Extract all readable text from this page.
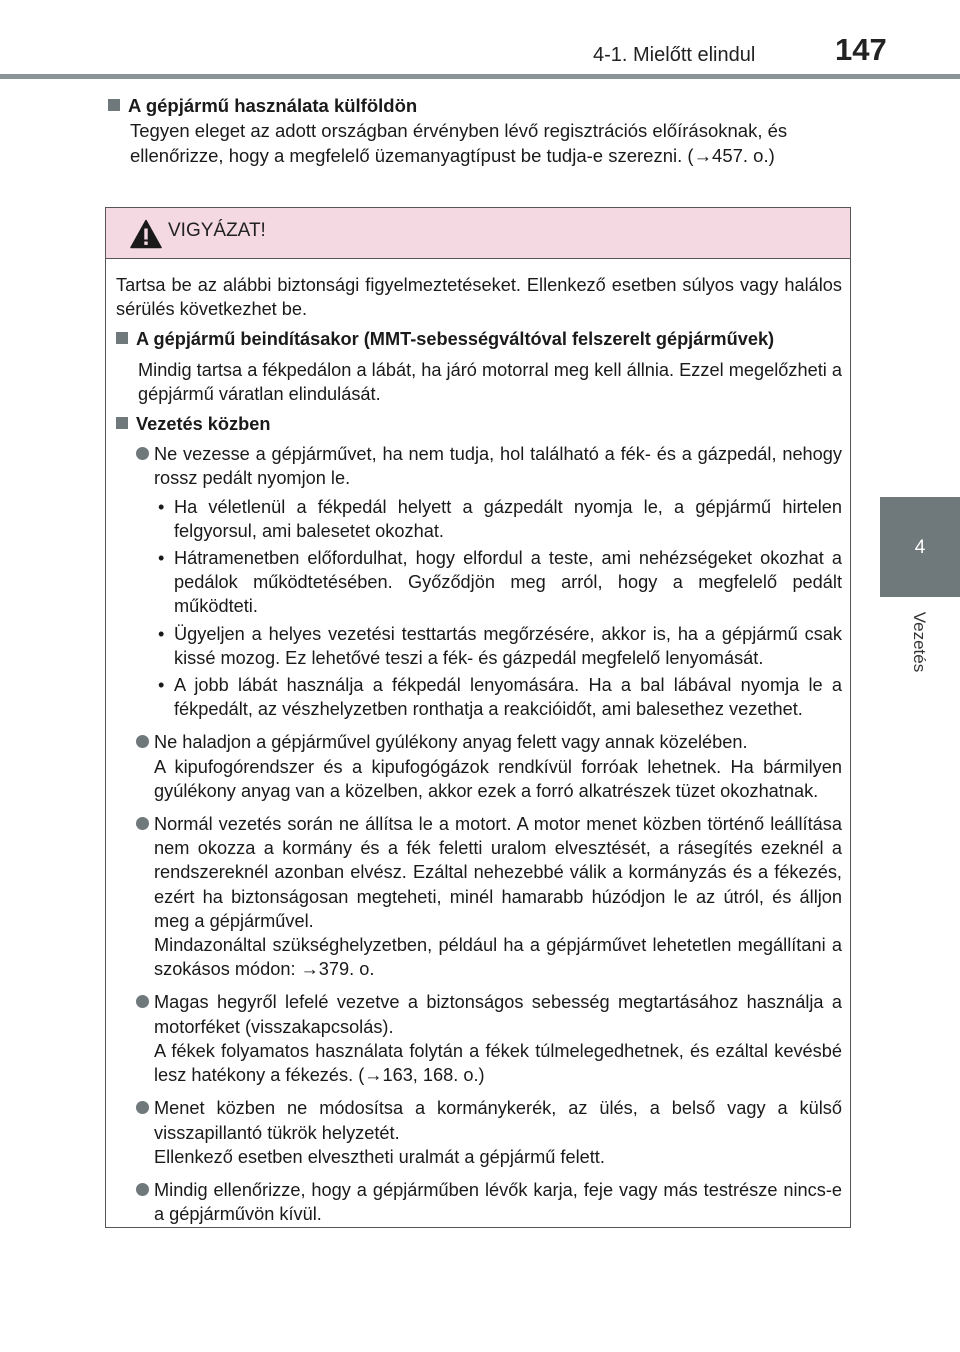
4-1. Mielőtt elindul	147
4
Vezetés
A gépjármű használata külföldön
Tegyen eleget az adott országban érvényben lévő regisztrációs előírásoknak, és ellenőrizze, hogy a megfelelő üzemanyagtípust be tudja-e szerezni. (→457. o.)
VIGYÁZAT!
Tartsa be az alábbi biztonsági figyelmeztetéseket. Ellenkező esetben súlyos vagy halálos sérülés következhet be.
A gépjármű beindításakor (MMT-sebességváltóval felszerelt gépjárművek)
Mindig tartsa a fékpedálon a lábát, ha járó motorral meg kell állnia. Ezzel megelőzheti a gépjármű váratlan elindulását.
Vezetés közben
Ne vezesse a gépjárművet, ha nem tudja, hol található a fék- és a gázpedál, nehogy rossz pedált nyomjon le.
• Ha véletlenül a fékpedál helyett a gázpedált nyomja le, a gépjármű hirtelen felgyorsul, ami balesetet okozhat.
• Hátramenetben előfordulhat, hogy elfordul a teste, ami nehézségeket okozhat a pedálok működtetésében. Győződjön meg arról, hogy a megfelelő pedált működteti.
• Ügyeljen a helyes vezetési testtartás megőrzésére, akkor is, ha a gépjármű csak kissé mozog. Ez lehetővé teszi a fék- és gázpedál megfelelő lenyomását.
• A jobb lábát használja a fékpedál lenyomására. Ha a bal lábával nyomja le a fékpedált, az vészhelyzetben ronthatja a reakcióidőt, ami balesethez vezethet.
Ne haladjon a gépjárművel gyúlékony anyag felett vagy annak közelében.
A kipufogórendszer és a kipufogógázok rendkívül forróak lehetnek. Ha bármilyen gyúlékony anyag van a közelben, akkor ezek a forró alkatrészek tüzet okozhatnak.
Normál vezetés során ne állítsa le a motort. A motor menet közben történő leállítása nem okozza a kormány és a fék feletti uralom elvesztését, a rásegítés ezeknél a rendszereknél azonban elvész. Ezáltal nehezebbé válik a kormányzás és a fékezés, ezért ha biztonságosan megteheti, minél hamarabb húzódjon le az útról, és álljon meg a gépjárművel.
Mindazonáltal szükséghelyzetben, például ha a gépjárművet lehetetlen megállítani a szokásos módon: →379. o.
Magas hegyről lefelé vezetve a biztonságos sebesség megtartásához használja a motorféket (visszakapcsolás).
A fékek folyamatos használata folytán a fékek túlmelegedhetnek, és ezáltal kevésbé lesz hatékony a fékezés. (→163, 168. o.)
Menet közben ne módosítsa a kormánykerék, az ülés, a belső vagy a külső visszapillantó tükrök helyzetét.
Ellenkező esetben elvesztheti uralmát a gépjármű felett.
Mindig ellenőrizze, hogy a gépjárműben lévők karja, feje vagy más testrésze nincs-e a gépjárművön kívül.
